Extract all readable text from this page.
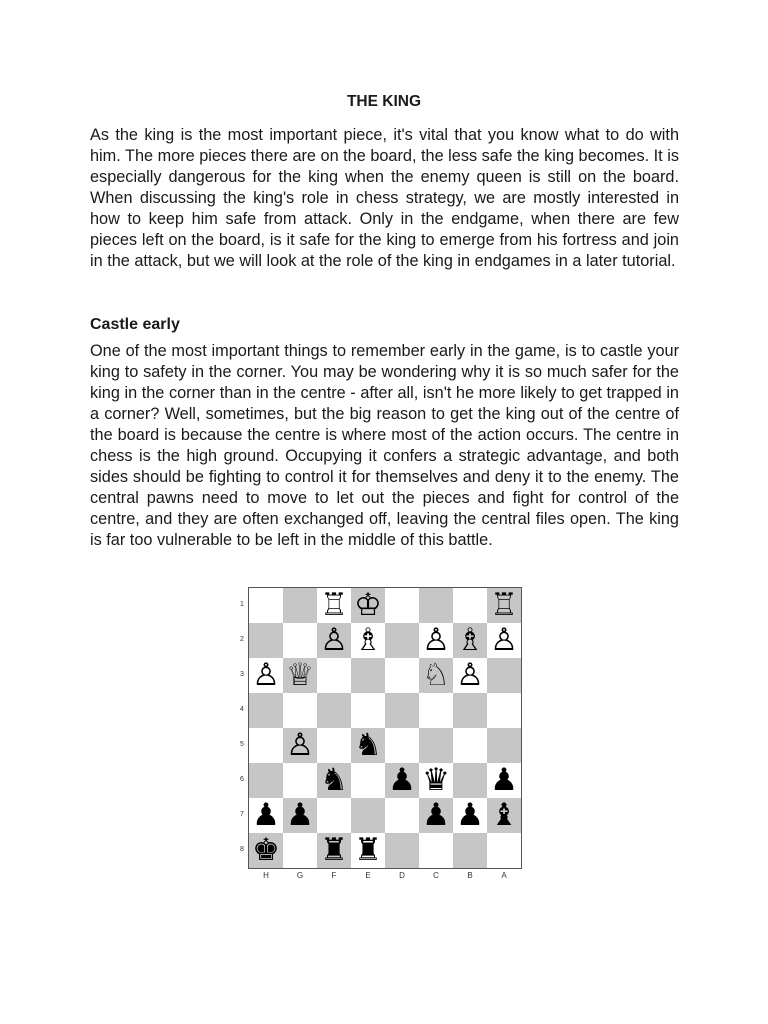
THE KING

As the king is the most important piece, it's vital that you know what to do with him. The more pieces there are on the board, the less safe the king becomes. It is especially dangerous for the king when the enemy queen is still on the board. When discussing the king's role in chess strategy, we are mostly interested in how to keep him safe from attack. Only in the endgame, when there are few pieces left on the board, is it safe for the king to emerge from his fortress and join in the attack, but we will look at the role of the king in endgames in a later tutorial.

Castle early

One of the most important things to remember early in the game, is to castle your king to safety in the corner. You may be wondering why it is so much safer for the king in the corner than in the centre - after all, isn't he more likely to get trapped in a corner? Well, sometimes, but the big reason to get the king out of the centre of the board is because the centre is where most of the action occurs. The centre in chess is the high ground. Occupying it confers a strategic advantage, and both sides should be fighting to control it for themselves and deny it to the enemy. The central pawns need to move to let out the pieces and fight for control of the centre, and they are often exchanged off, leaving the central files open. The king is far too vulnerable to be left in the middle of this battle.

♖ ♔	♖
♙ ♗ ♙ ♗ ♙
♙ ♕	♘ ♙
♙ ♞
♞ ♟ ♛ ♟
♟ ♟	♟ ♟ ♝
♚ ♜ ♜
1
2
3
4
5
6
7
8
H	G	F	E	D	C	B	A
